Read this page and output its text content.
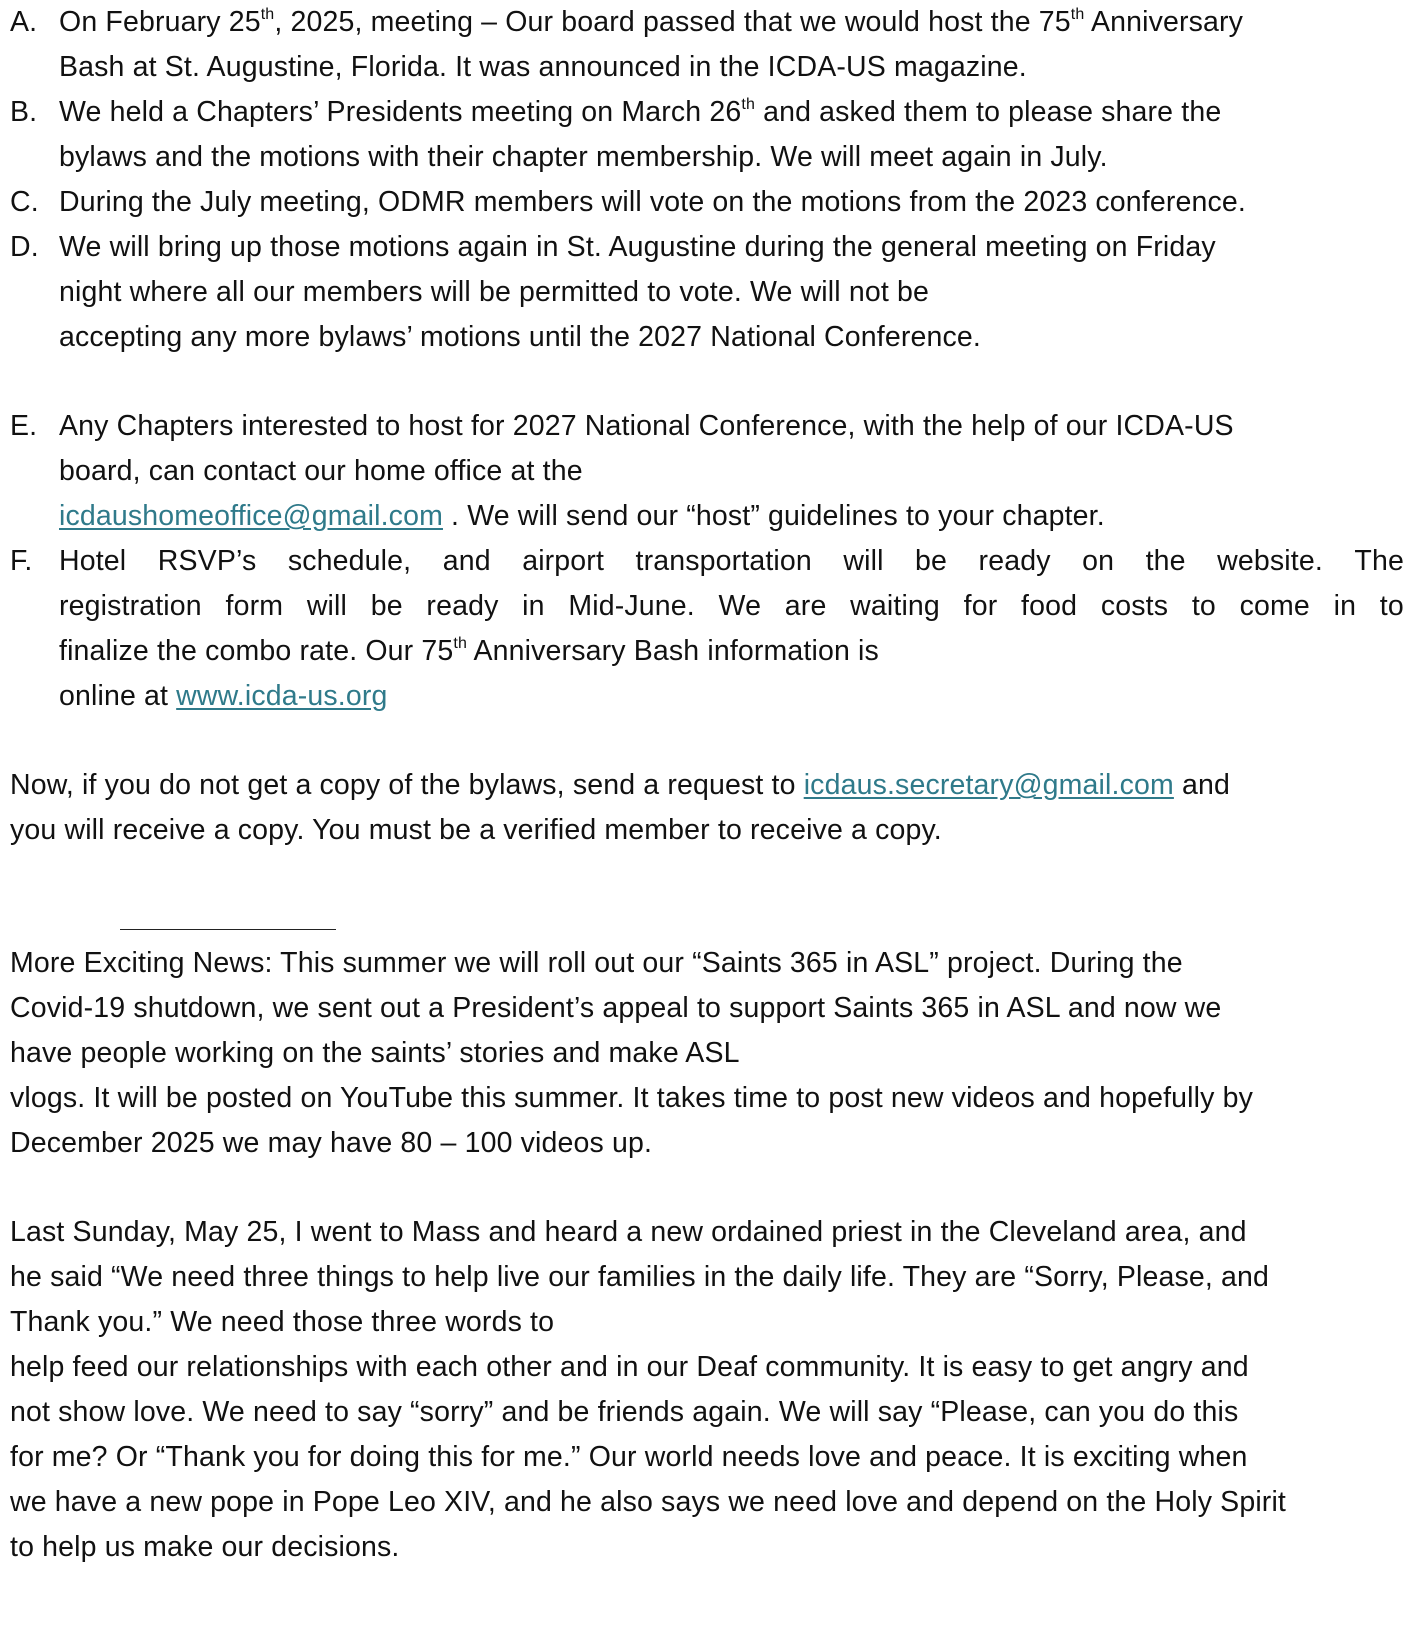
A. On February 25th, 2025, meeting – Our board passed that we would host the 75th Anniversary
Bash at St. Augustine, Florida. It was announced in the ICDA-US magazine.
B. We held a Chapters’ Presidents meeting on March 26th and asked them to please share the
bylaws and the motions with their chapter membership. We will meet again in July.
C. During the July meeting, ODMR members will vote on the motions from the 2023 conference.
D. We will bring up those motions again in St. Augustine during the general meeting on Friday
night where all our members will be permitted to vote. We will not be
accepting any more bylaws’ motions until the 2027 National Conference.
E. Any Chapters interested to host for 2027 National Conference, with the help of our ICDA-US
board, can contact our home office at the
icdaushomeoffice@gmail.com . We will send our “host” guidelines to your chapter.
F. Hotel RSVP’s schedule, and airport transportation will be ready on the website. The
registration form will be ready in Mid-June. We are waiting for food costs to come in to
finalize the combo rate. Our 75th Anniversary Bash information is
online at www.icda-us.org
Now, if you do not get a copy of the bylaws, send a request to icdaus.secretary@gmail.com and
you will receive a copy. You must be a verified member to receive a copy.
More Exciting News: This summer we will roll out our “Saints 365 in ASL” project. During the
Covid-19 shutdown, we sent out a President’s appeal to support Saints 365 in ASL and now we
have people working on the saints’ stories and make ASL
vlogs. It will be posted on YouTube this summer. It takes time to post new videos and hopefully by
December 2025 we may have 80 – 100 videos up.
Last Sunday, May 25, I went to Mass and heard a new ordained priest in the Cleveland area, and
he said “We need three things to help live our families in the daily life. They are “Sorry, Please, and
Thank you.” We need those three words to
help feed our relationships with each other and in our Deaf community. It is easy to get angry and
not show love. We need to say “sorry” and be friends again. We will say “Please, can you do this
for me? Or “Thank you for doing this for me.” Our world needs love and peace. It is exciting when
we have a new pope in Pope Leo XIV, and he also says we need love and depend on the Holy Spirit
to help us make our decisions.
